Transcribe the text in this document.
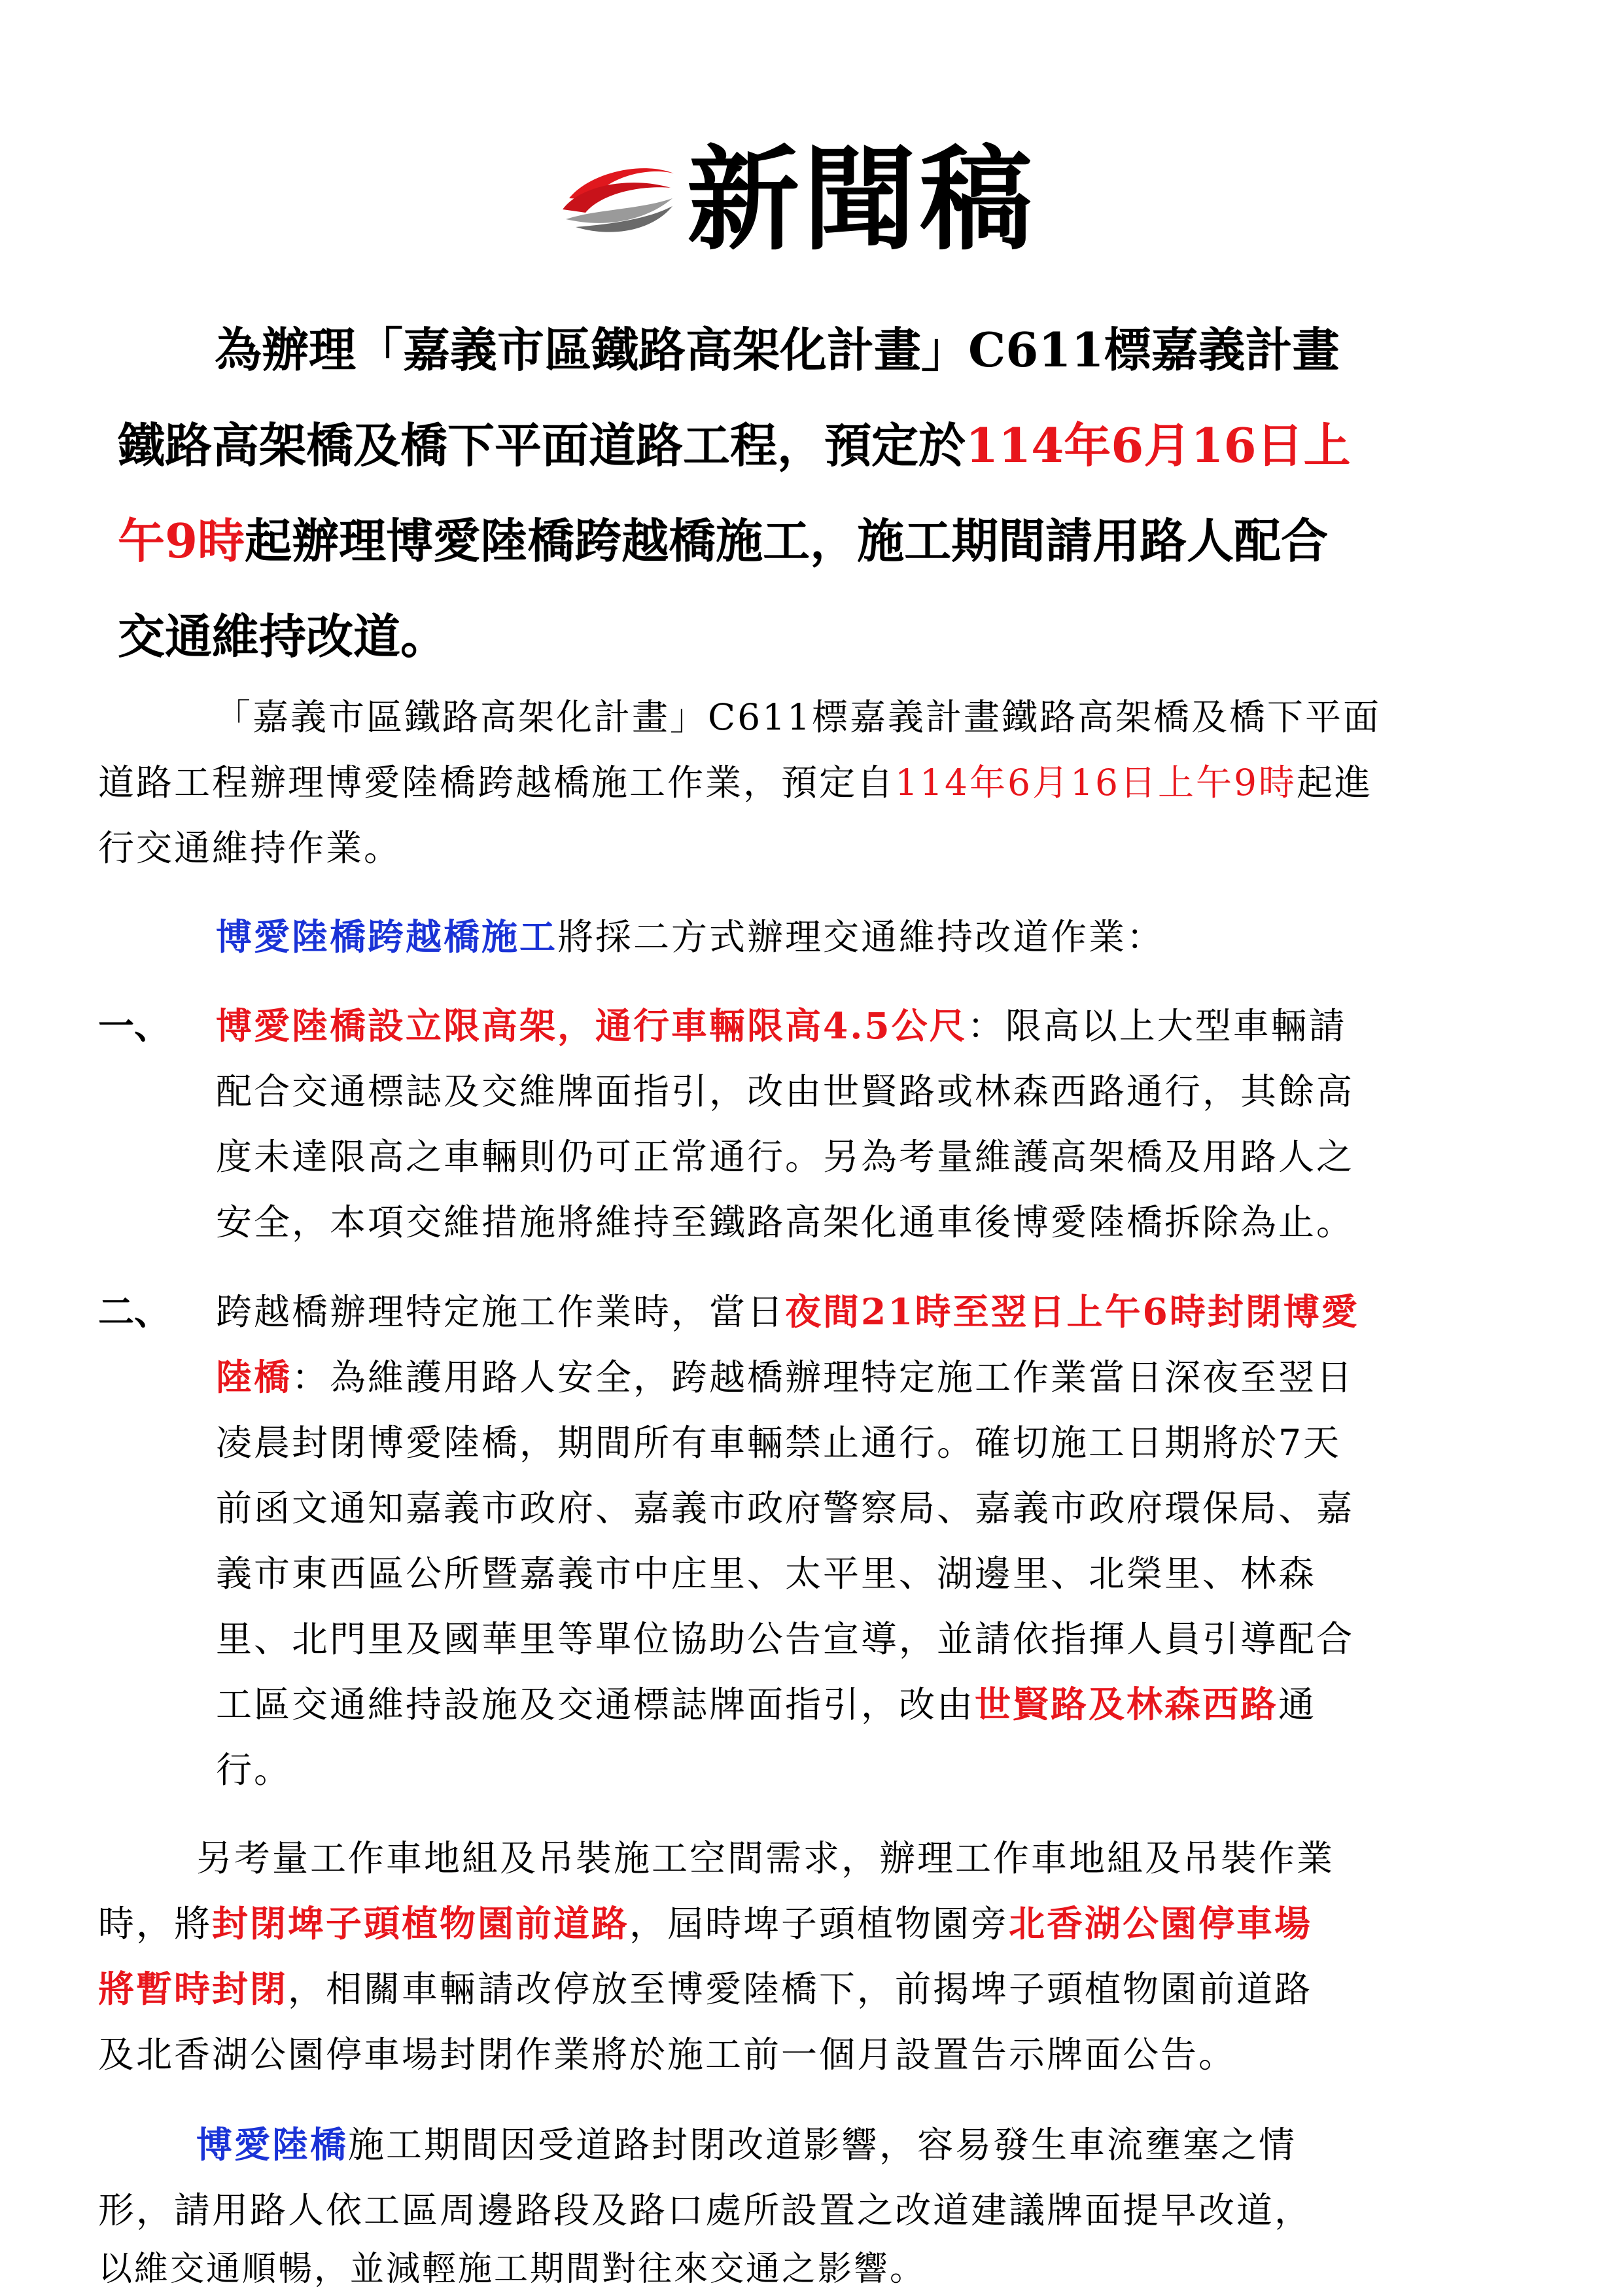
新聞稿
為辦理「嘉義市區鐵路高架化計畫」C611標嘉義計畫
鐵路高架橋及橋下平面道路工程，預定於114年6月16日上
午9時起辦理博愛陸橋跨越橋施工，施工期間請用路人配合
交通維持改道。
「嘉義市區鐵路高架化計畫」C611標嘉義計畫鐵路高架橋及橋下平面
道路工程辦理博愛陸橋跨越橋施工作業，預定自114年6月16日上午9時起進
行交通維持作業。
博愛陸橋跨越橋施工將採二方式辦理交通維持改道作業：
一、 博愛陸橋設立限高架，通行車輛限高4.5公尺：限高以上大型車輛請
配合交通標誌及交維牌面指引，改由世賢路或林森西路通行，其餘高
度未達限高之車輛則仍可正常通行。另為考量維護高架橋及用路人之
安全，本項交維措施將維持至鐵路高架化通車後博愛陸橋拆除為止。
二、 跨越橋辦理特定施工作業時，當日夜間21時至翌日上午6時封閉博愛
陸橋：為維護用路人安全，跨越橋辦理特定施工作業當日深夜至翌日
凌晨封閉博愛陸橋，期間所有車輛禁止通行。確切施工日期將於7天
前函文通知嘉義市政府、嘉義市政府警察局、嘉義市政府環保局、嘉
義市東西區公所暨嘉義市中庄里、太平里、湖邊里、北榮里、林森
里、北門里及國華里等單位協助公告宣導，並請依指揮人員引導配合
工區交通維持設施及交通標誌牌面指引，改由世賢路及林森西路通
行。
另考量工作車地組及吊裝施工空間需求，辦理工作車地組及吊裝作業
時，將封閉埤子頭植物園前道路，屆時埤子頭植物園旁北香湖公園停車場
將暫時封閉，相關車輛請改停放至博愛陸橋下，前揭埤子頭植物園前道路
及北香湖公園停車場封閉作業將於施工前一個月設置告示牌面公告。
博愛陸橋施工期間因受道路封閉改道影響，容易發生車流壅塞之情
形，請用路人依工區周邊路段及路口處所設置之改道建議牌面提早改道，
以維交通順暢，並減輕施工期間對往來交通之影響。
